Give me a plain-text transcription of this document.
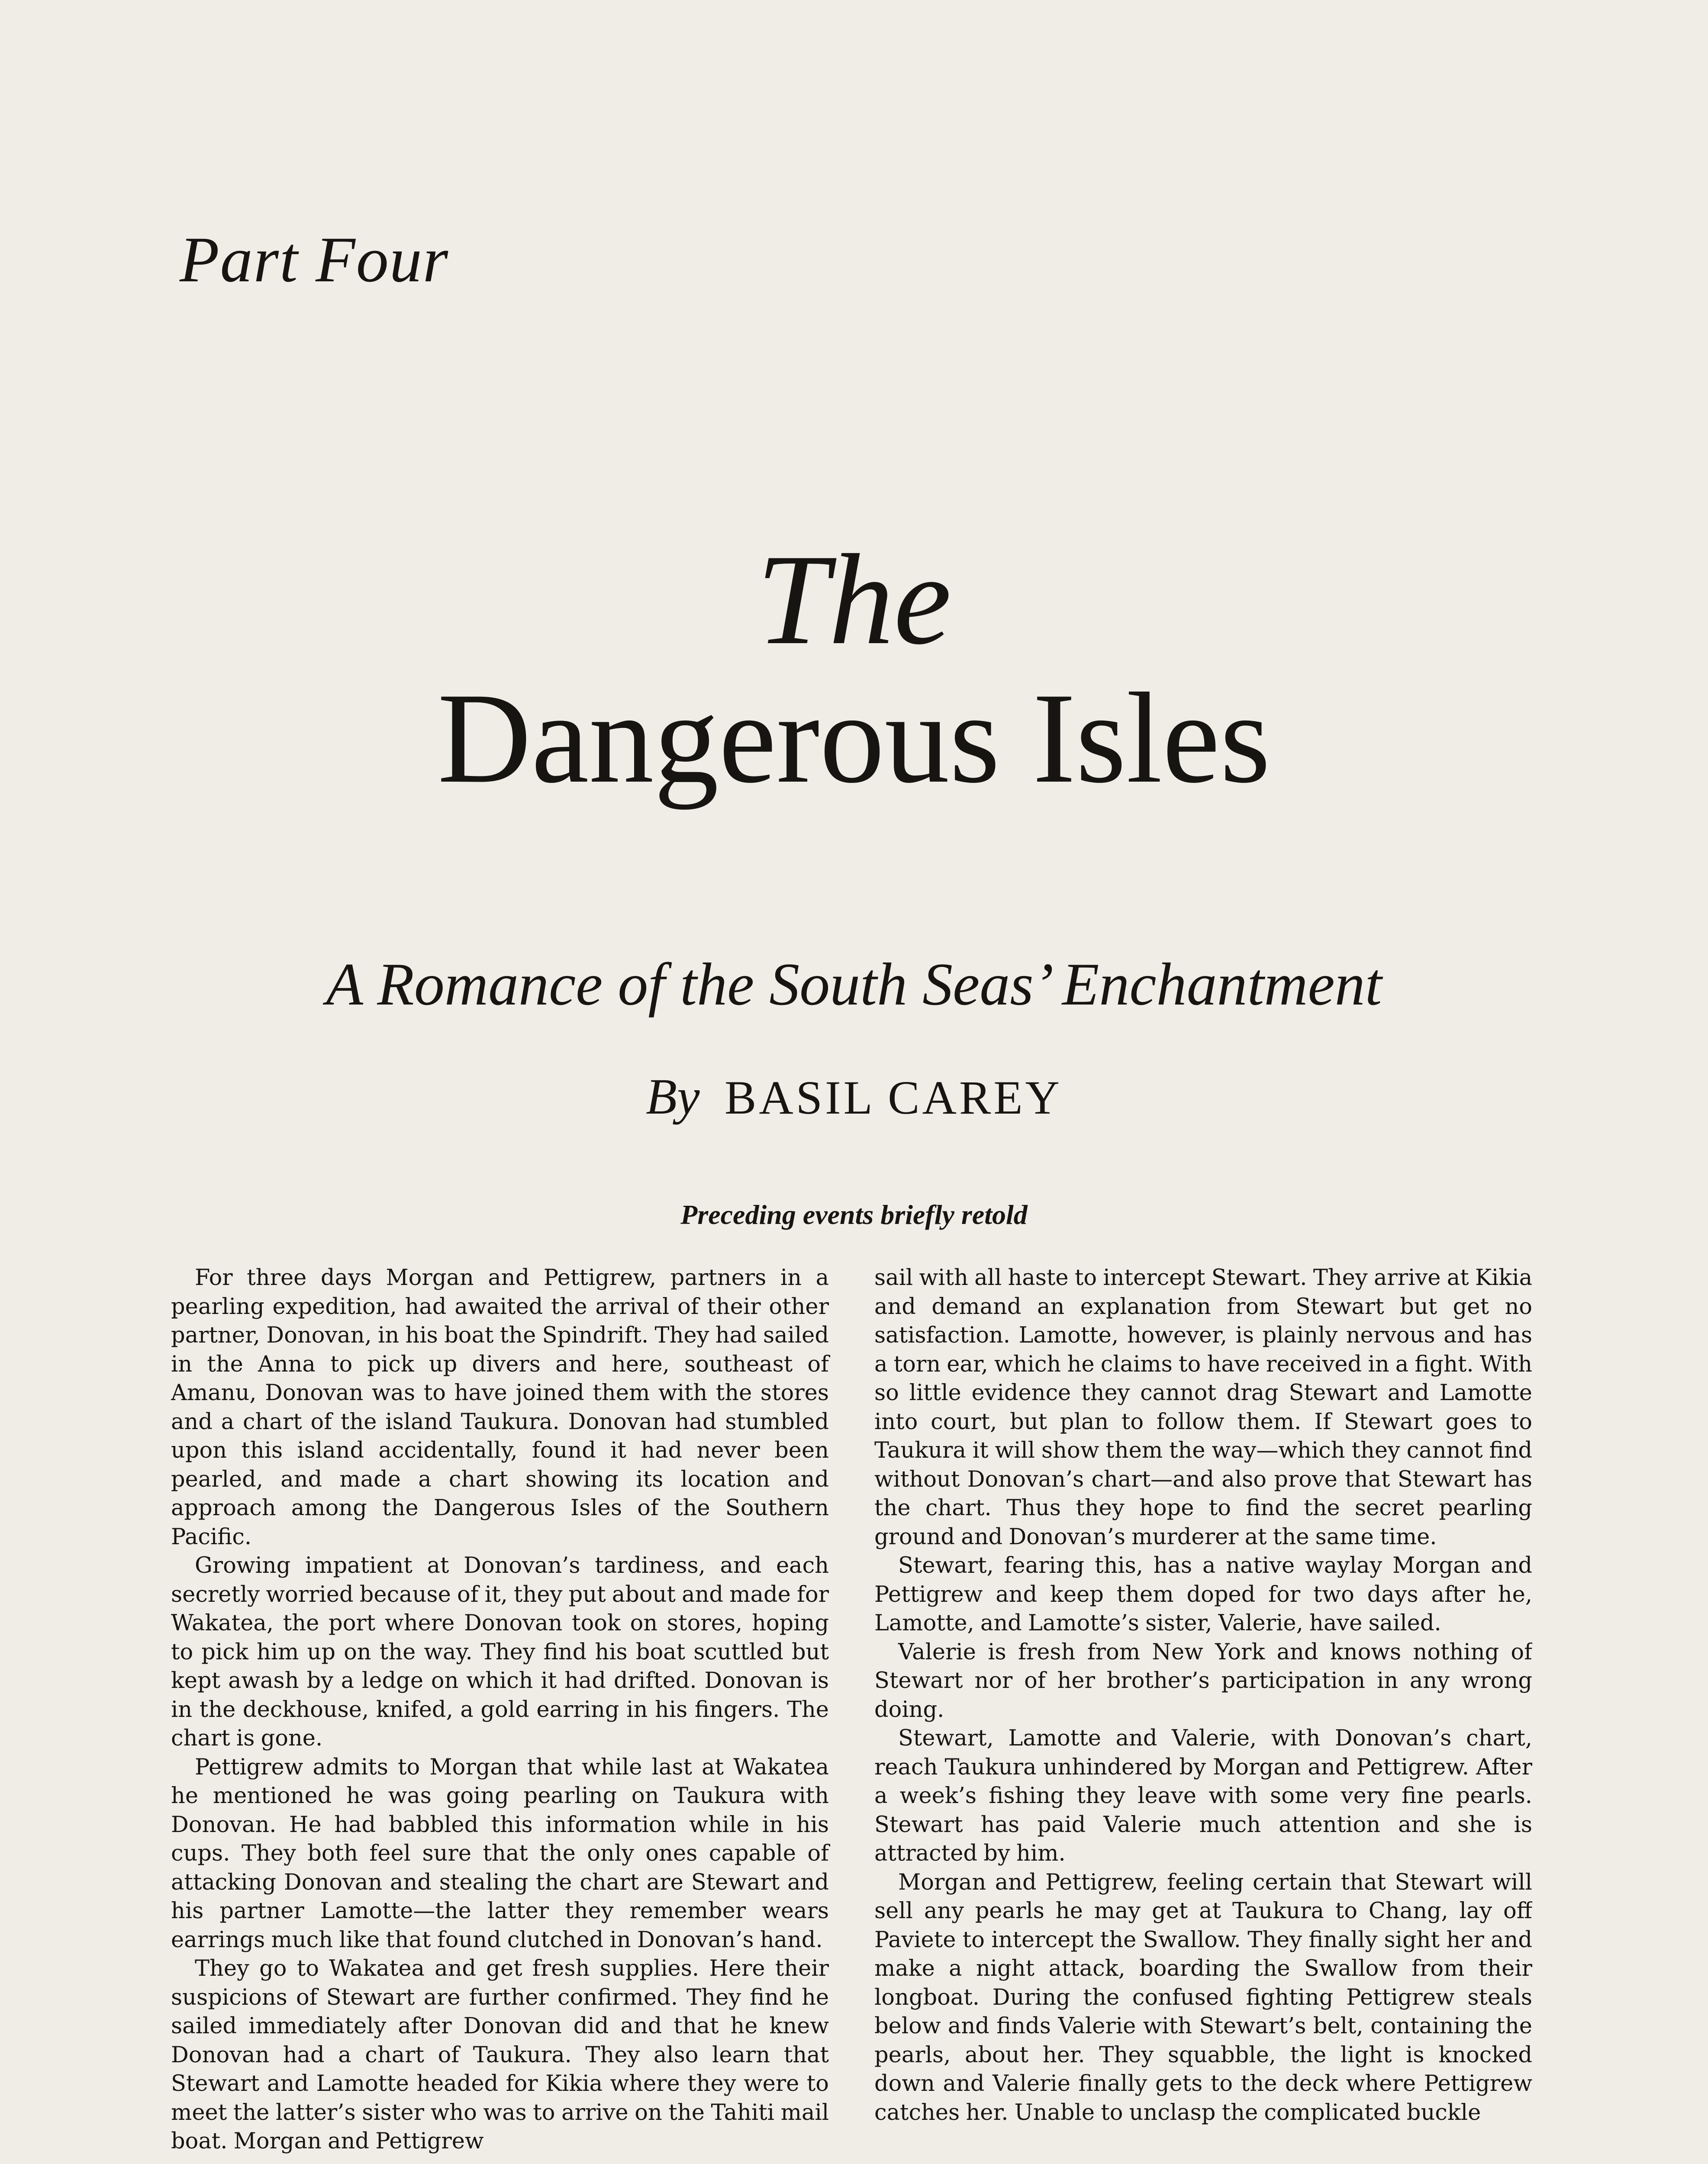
Part Four
The
Dangerous Isles
A Romance of the South Seas’ Enchantment
By BASIL CAREY
Preceding events briefly retold

For three days Morgan and Pettigrew, partners in a pearling expedition, had awaited the arrival of their other partner, Donovan, in his boat the Spindrift. They had sailed in the Anna to pick up divers and here, southeast of Amanu, Donovan was to have joined them with the stores and a chart of the island Taukura. Donovan had stumbled upon this island accidentally, found it had never been pearled, and made a chart showing its location and approach among the Dangerous Isles of the Southern Pacific.

Growing impatient at Donovan’s tardiness, and each secretly worried because of it, they put about and made for Wakatea, the port where Donovan took on stores, hoping to pick him up on the way. They find his boat scuttled but kept awash by a ledge on which it had drifted. Donovan is in the deckhouse, knifed, a gold earring in his fingers. The chart is gone.

Pettigrew admits to Morgan that while last at Wakatea he mentioned he was going pearling on Taukura with Donovan. He had babbled this information while in his cups. They both feel sure that the only ones capable of attacking Donovan and stealing the chart are Stewart and his partner Lamotte—the latter they remember wears earrings much like that found clutched in Donovan’s hand.

They go to Wakatea and get fresh supplies. Here their suspicions of Stewart are further confirmed. They find he sailed immediately after Donovan did and that he knew Donovan had a chart of Taukura. They also learn that Stewart and Lamotte headed for Kikia where they were to meet the latter’s sister who was to arrive on the Tahiti mail boat. Morgan and Pettigrew

sail with all haste to intercept Stewart. They arrive at Kikia and demand an explanation from Stewart but get no satisfaction. Lamotte, however, is plainly nervous and has a torn ear, which he claims to have received in a fight. With so little evidence they cannot drag Stewart and Lamotte into court, but plan to follow them. If Stewart goes to Taukura it will show them the way—which they cannot find without Donovan’s chart—and also prove that Stewart has the chart. Thus they hope to find the secret pearling ground and Donovan’s murderer at the same time.

Stewart, fearing this, has a native waylay Morgan and Pettigrew and keep them doped for two days after he, Lamotte, and Lamotte’s sister, Valerie, have sailed.

Valerie is fresh from New York and knows nothing of Stewart nor of her brother’s participation in any wrong doing.

Stewart, Lamotte and Valerie, with Donovan’s chart, reach Taukura unhindered by Morgan and Pettigrew. After a week’s fishing they leave with some very fine pearls. Stewart has paid Valerie much attention and she is attracted by him.

Morgan and Pettigrew, feeling certain that Stewart will sell any pearls he may get at Taukura to Chang, lay off Paviete to intercept the Swallow. They finally sight her and make a night attack, boarding the Swallow from their longboat. During the confused fighting Pettigrew steals below and finds Valerie with Stewart’s belt, containing the pearls, about her. They squabble, the light is knocked down and Valerie finally gets to the deck where Pettigrew catches her. Unable to unclasp the complicated buckle
